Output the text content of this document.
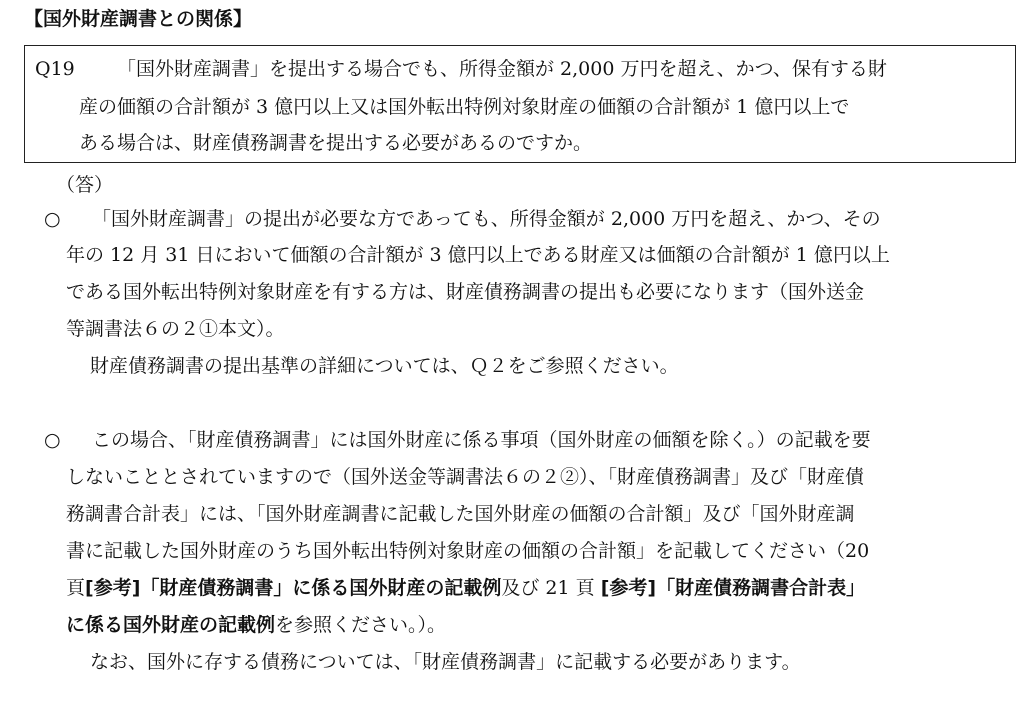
【国外財産調書との関係】
Q19 「国外財産調書」を提出する場合でも、所得金額が 2,000 万円を超え、かつ、保有する財
産の価額の合計額が 3 億円以上又は国外転出特例対象財産の価額の合計額が 1 億円以上で
ある場合は、財産債務調書を提出する必要があるのですか。
（答）
○ 「国外財産調書」の提出が必要な方であっても、所得金額が 2,000 万円を超え、かつ、その
年の 12 月 31 日において価額の合計額が 3 億円以上である財産又は価額の合計額が 1 億円以上
である国外転出特例対象財産を有する方は、財産債務調書の提出も必要になります（国外送金
等調書法６の２①本文）。
財産債務調書の提出基準の詳細については、Ｑ２をご参照ください。
○ この場合、「財産債務調書」には国外財産に係る事項（国外財産の価額を除く。）の記載を要
しないこととされていますので（国外送金等調書法６の２②）、「財産債務調書」及び「財産債
務調書合計表」には、「国外財産調書に記載した国外財産の価額の合計額」及び「国外財産調
書に記載した国外財産のうち国外転出特例対象財産の価額の合計額」を記載してください（20
頁[参考]「財産債務調書」に係る国外財産の記載例及び 21 頁 [参考]「財産債務調書合計表」
に係る国外財産の記載例を参照ください。）。
なお、国外に存する債務については、「財産債務調書」に記載する必要があります。
